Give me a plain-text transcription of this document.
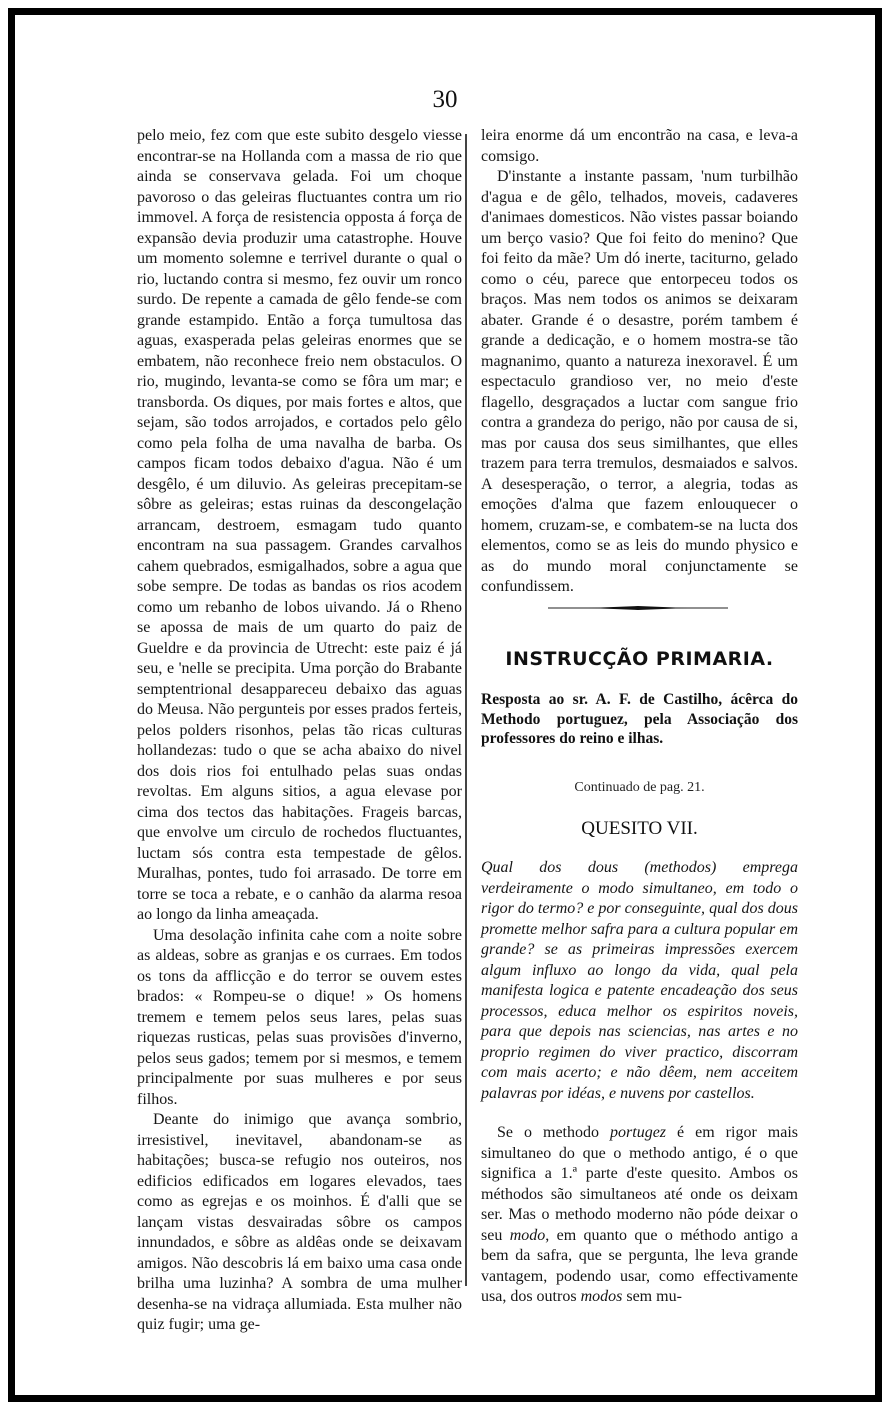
30

pelo meio, fez com que este subito desgelo viesse encontrar-se na Hollanda com a massa de rio que ainda se conservava gelada. Foi um choque pavoroso o das geleiras fluctuantes contra um rio immovel. A força de resistencia opposta á força de expansão devia produzir uma catastrophe. Houve um momento solemne e terrivel durante o qual o rio, luctando contra si mesmo, fez ouvir um ronco surdo. De repente a camada de gêlo fende-se com grande estampido. Então a força tumultosa das aguas, exasperada pelas geleiras enormes que se embatem, não reconhece freio nem obstaculos. O rio, mugindo, levanta-se como se fôra um mar; e transborda. Os diques, por mais fortes e altos, que sejam, são todos arrojados, e cortados pelo gêlo como pela folha de uma navalha de barba. Os campos ficam todos debaixo d'agua. Não é um desgêlo, é um diluvio. As geleiras precepitam-se sôbre as geleiras; estas ruinas da descongelação arrancam, destroem, esmagam tudo quanto encontram na sua passagem. Grandes carvalhos cahem quebrados, esmigalhados, sobre a agua que sobe sempre. De todas as bandas os rios acodem como um rebanho de lobos uivando. Já o Rheno se apossa de mais de um quarto do paiz de Gueldre e da provincia de Utrecht: este paiz é já seu, e 'nelle se precipita. Uma porção do Brabante semptentrional desappareceu debaixo das aguas do Meusa. Não pergunteis por esses prados ferteis, pelos polders risonhos, pelas tão ricas culturas hollandezas: tudo o que se acha abaixo do nivel dos dois rios foi entulhado pelas suas ondas revoltas. Em alguns sitios, a agua elevase por cima dos tectos das habitações. Frageis barcas, que envolve um circulo de rochedos fluctuantes, luctam sós contra esta tempestade de gêlos. Muralhas, pontes, tudo foi arrasado. De torre em torre se toca a rebate, e o canhão da alarma resoa ao longo da linha ameaçada.

Uma desolação infinita cahe com a noite sobre as aldeas, sobre as granjas e os curraes. Em todos os tons da afflicção e do terror se ouvem estes brados: « Rompeu-se o dique! » Os homens tremem e temem pelos seus lares, pelas suas riquezas rusticas, pelas suas provisões d'inverno, pelos seus gados; temem por si mesmos, e temem principalmente por suas mulheres e por seus filhos.

Deante do inimigo que avança sombrio, irresistivel, inevitavel, abandonam-se as habitações; busca-se refugio nos outeiros, nos edificios edificados em logares elevados, taes como as egrejas e os moinhos. É d'alli que se lançam vistas desvairadas sôbre os campos innundados, e sôbre as aldêas onde se deixavam amigos. Não descobris lá em baixo uma casa onde brilha uma luzinha? A sombra de uma mulher desenha-se na vidraça allumiada. Esta mulher não quiz fugir; uma ge-

leira enorme dá um encontrão na casa, e leva-a comsigo.

D'instante a instante passam, 'num turbilhão d'agua e de gêlo, telhados, moveis, cadaveres d'animaes domesticos. Não vistes passar boiando um berço vasio? Que foi feito do menino? Que foi feito da mãe? Um dó inerte, taciturno, gelado como o céu, parece que entorpeceu todos os braços. Mas nem todos os animos se deixaram abater. Grande é o desastre, porém tambem é grande a dedicação, e o homem mostra-se tão magnanimo, quanto a natureza inexoravel. É um espectaculo grandioso ver, no meio d'este flagello, desgraçados a luctar com sangue frio contra a grandeza do perigo, não por causa de si, mas por causa dos seus similhantes, que elles trazem para terra tremulos, desmaiados e salvos. A desesperação, o terror, a alegria, todas as emoções d'alma que fazem enlouquecer o homem, cruzam-se, e combatem-se na lucta dos elementos, como se as leis do mundo physico e as do mundo moral conjunctamente se confundissem.

INSTRUCÇÃO PRIMARIA.
Resposta ao sr. A. F. de Castilho, ácêrca do Methodo portuguez, pela Associação dos professores do reino e ilhas.
Continuado de pag. 21.
QUESITO VII.
Qual dos dous (methodos) emprega verdeiramente o modo simultaneo, em todo o rigor do termo? e por conseguinte, qual dos dous promette melhor safra para a cultura popular em grande? se as primeiras impressões exercem algum influxo ao longo da vida, qual pela manifesta logica e patente encadeação dos seus processos, educa melhor os espiritos noveis, para que depois nas sciencias, nas artes e no proprio regimen do viver practico, discorram com mais acerto; e não dêem, nem acceitem palavras por idéas, e nuvens por castellos.
Se o methodo portugez é em rigor mais simultaneo do que o methodo antigo, é o que significa a 1.ª parte d'este quesito. Ambos os méthodos são simultaneos até onde os deixam ser. Mas o methodo moderno não póde deixar o seu modo, em quanto que o méthodo antigo a bem da safra, que se pergunta, lhe leva grande vantagem, podendo usar, como effectivamente usa, dos outros modos sem mu-
